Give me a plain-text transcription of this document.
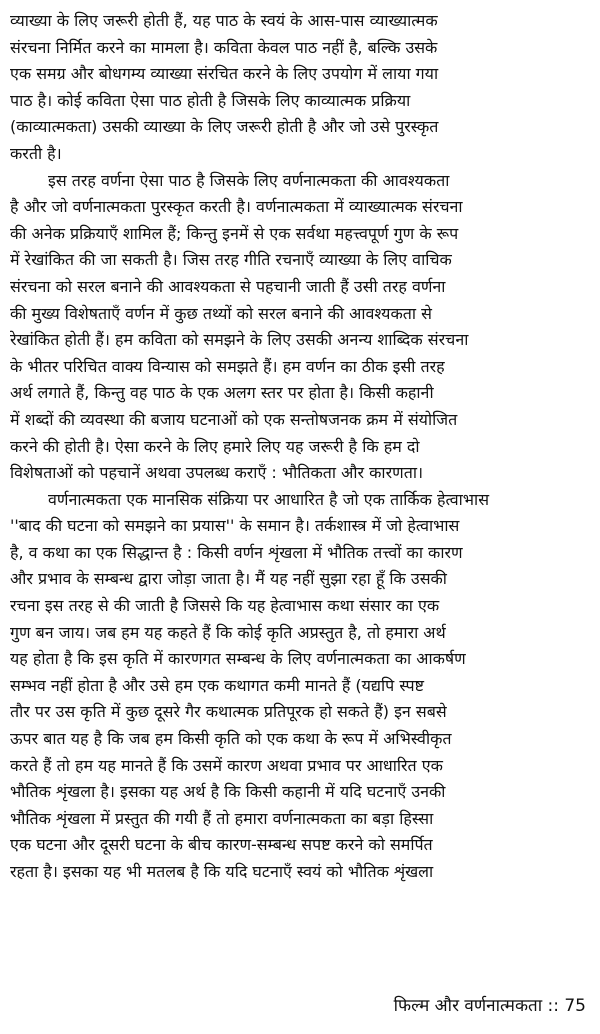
व्याख्या के लिए जरूरी होती हैं, यह पाठ के स्वयं के आस-पास व्याख्यात्मक
संरचना निर्मित करने का मामला है। कविता केवल पाठ नहीं है, बल्कि उसके
एक समग्र और बोधगम्य व्याख्या संरचित करने के लिए उपयोग में लाया गया
पाठ है। कोई कविता ऐसा पाठ होती है जिसके लिए काव्यात्मक प्रक्रिया
(काव्यात्मकता) उसकी व्याख्या के लिए जरूरी होती है और जो उसे पुरस्कृत
करती है।
इस तरह वर्णना ऐसा पाठ है जिसके लिए वर्णनात्मकता की आवश्यकता
है और जो वर्णनात्मकता पुरस्कृत करती है। वर्णनात्मकता में व्याख्यात्मक संरचना
की अनेक प्रक्रियाएँ शामिल हैं; किन्तु इनमें से एक सर्वथा महत्त्वपूर्ण गुण के रूप
में रेखांकित की जा सकती है। जिस तरह गीति रचनाएँ व्याख्या के लिए वाचिक
संरचना को सरल बनाने की आवश्यकता से पहचानी जाती हैं उसी तरह वर्णना
की मुख्य विशेषताएँ वर्णन में कुछ तथ्यों को सरल बनाने की आवश्यकता से
रेखांकित होती हैं। हम कविता को समझने के लिए उसकी अनन्य शाब्दिक संरचना
के भीतर परिचित वाक्य विन्यास को समझते हैं। हम वर्णन का ठीक इसी तरह
अर्थ लगाते हैं, किन्तु वह पाठ के एक अलग स्तर पर होता है। किसी कहानी
में शब्दों की व्यवस्था की बजाय घटनाओं को एक सन्तोषजनक क्रम में संयोजित
करने की होती है। ऐसा करने के लिए हमारे लिए यह जरूरी है कि हम दो
विशेषताओं को पहचानें अथवा उपलब्ध कराएँ : भौतिकता और कारणता।
वर्णनात्मकता एक मानसिक संक्रिया पर आधारित है जो एक तार्किक हेत्वाभास
''बाद की घटना को समझने का प्रयास'' के समान है। तर्कशास्त्र में जो हेत्वाभास
है, व कथा का एक सिद्धान्त है : किसी वर्णन शृंखला में भौतिक तत्त्वों का कारण
और प्रभाव के सम्बन्ध द्वारा जोड़ा जाता है। मैं यह नहीं सुझा रहा हूँ कि उसकी
रचना इस तरह से की जाती है जिससे कि यह हेत्वाभास कथा संसार का एक
गुण बन जाय। जब हम यह कहते हैं कि कोई कृति अप्रस्तुत है, तो हमारा अर्थ
यह होता है कि इस कृति में कारणगत सम्बन्ध के लिए वर्णनात्मकता का आकर्षण
सम्भव नहीं होता है और उसे हम एक कथागत कमी मानते हैं (यद्यपि स्पष्ट
तौर पर उस कृति में कुछ दूसरे गैर कथात्मक प्रतिपूरक हो सकते हैं) इन सबसे
ऊपर बात यह है कि जब हम किसी कृति को एक कथा के रूप में अभिस्वीकृत
करते हैं तो हम यह मानते हैं कि उसमें कारण अथवा प्रभाव पर आधारित एक
भौतिक शृंखला है। इसका यह अर्थ है कि किसी कहानी में यदि घटनाएँ उनकी
भौतिक शृंखला में प्रस्तुत की गयी हैं तो हमारा वर्णनात्मकता का बड़ा हिस्सा
एक घटना और दूसरी घटना के बीच कारण-सम्बन्ध सपष्ट करने को समर्पित
रहता है। इसका यह भी मतलब है कि यदि घटनाएँ स्वयं को भौतिक शृंखला
फिल्म और वर्णनात्मकता :: 75
